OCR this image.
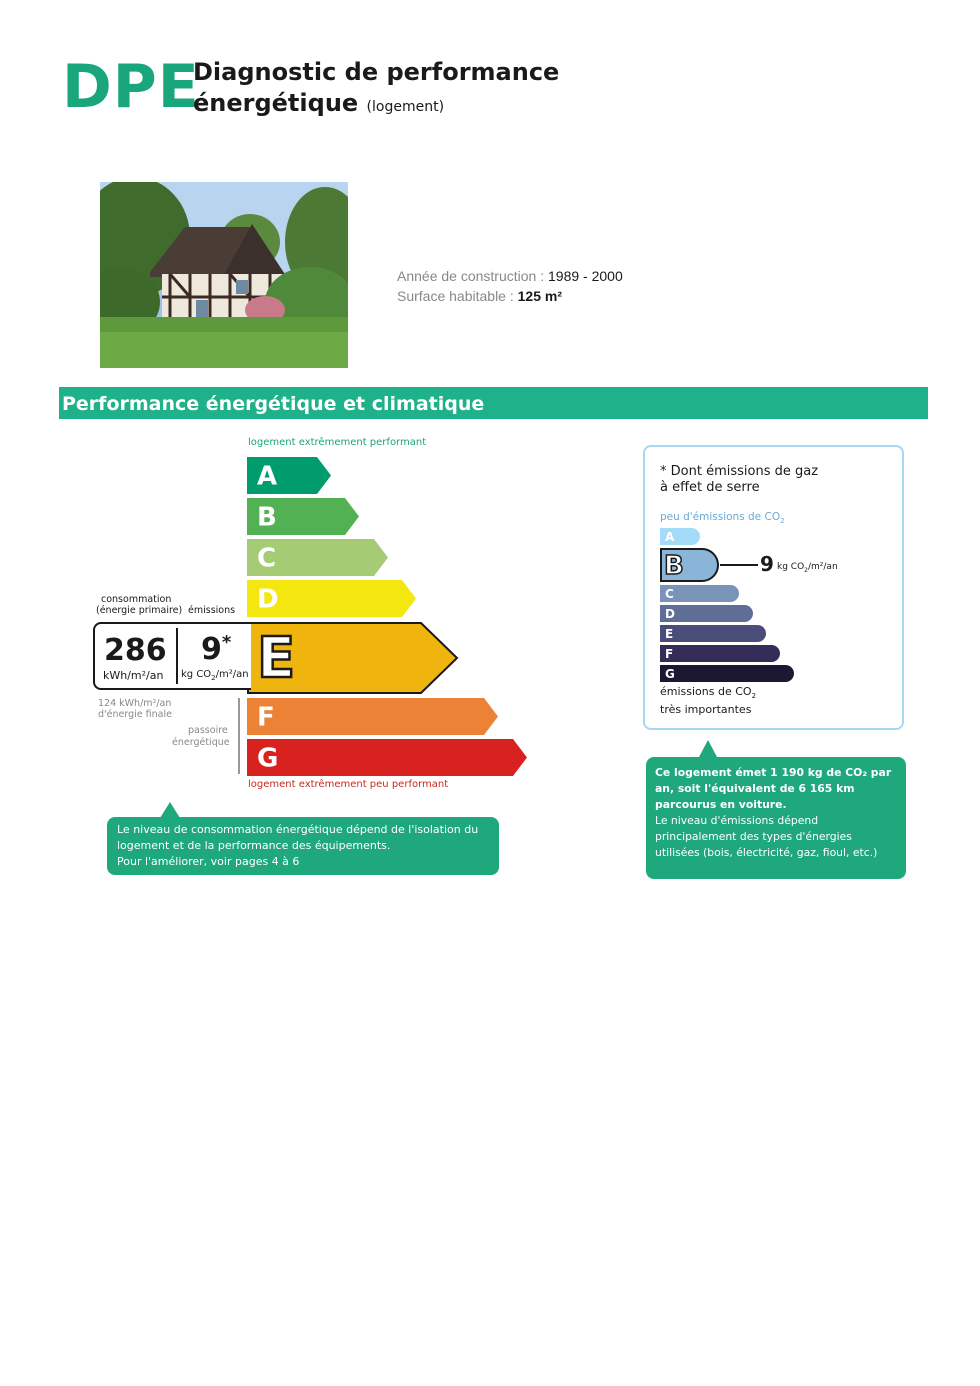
DPE
Diagnostic de performance
énergétique (logement)
Année de construction : 1989 - 2000
Surface habitable : 125 m²
Performance énergétique et climatique
logement extrêmement performant
logement extrêmement peu performant
A
B
C
D
E
F
G
consommation
(énergie primaire) émissions
286
kWh/m²/an
9*
kg $CO_2/m^2/an$
124 kWh/m²/an
d'énergie finale
passoire
énergétique

Le niveau de consommation énergétique dépend de l'isolation du

logement et de la performance des équipements.

Pour l'améliorer, voir pages 4 à 6

* Dont émissions de gaz
à effet de serre
peu d'émissions de $CO_2$
A
B
C
D
E
F
G
9 kg $CO_2/m^2/an$
émissions de $CO_2$
très importantes

Ce logement émet 1 190 kg de CO₂ par

an, soit l'équivalent de 6 165 km

parcourus en voiture.

Le niveau d'émissions dépend

principalement des types d'énergies

utilisées (bois, électricité, gaz, fioul, etc.)
